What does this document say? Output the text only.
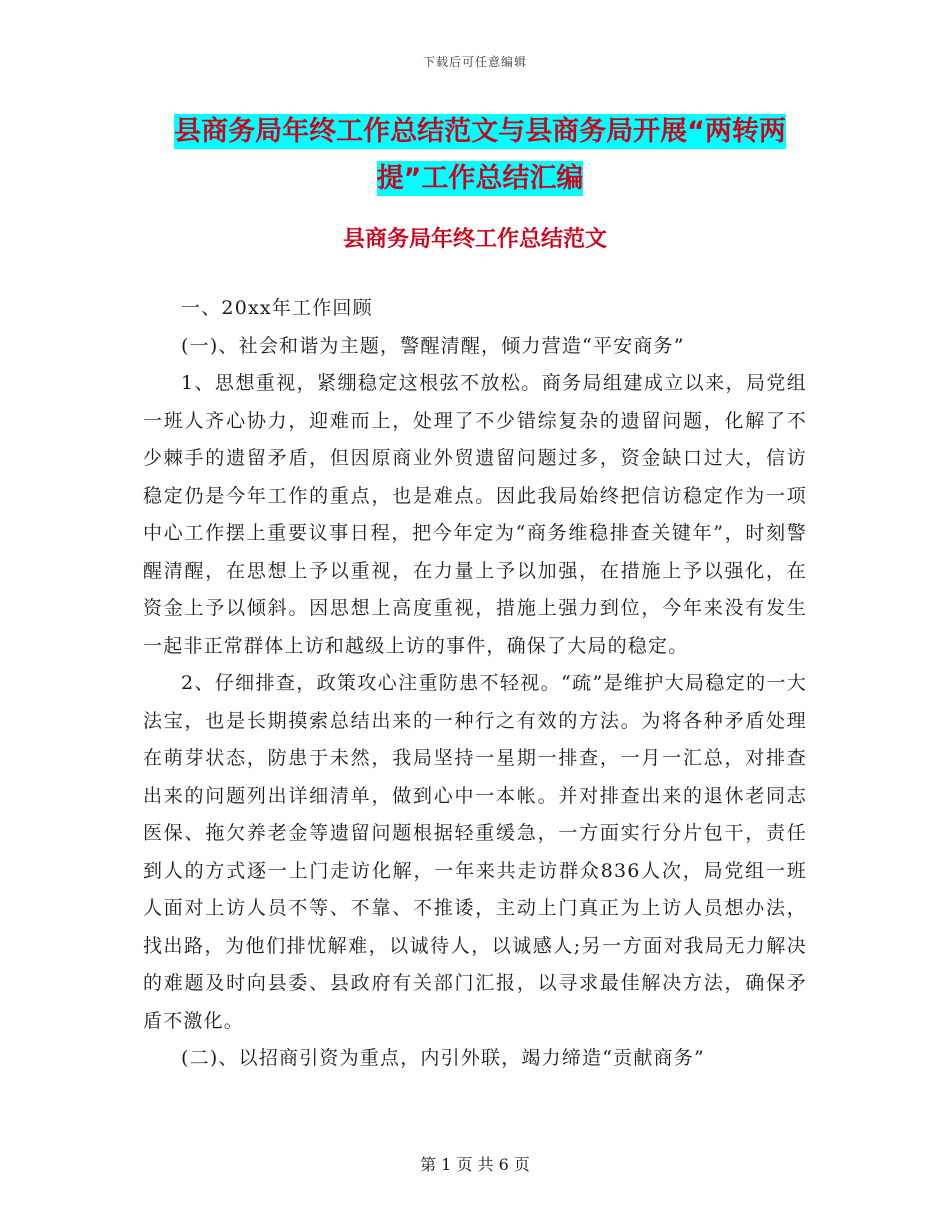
下载后可任意编辑
县商务局年终工作总结范文与县商务局开展“两转两
提”工作总结汇编
县商务局年终工作总结范文

一、20xx年工作回顾

(一)、社会和谐为主题，警醒清醒，倾力营造“平安商务”

1、思想重视，紧绷稳定这根弦不放松。商务局组建成立以来，局党组一班人齐心协力，迎难而上，处理了不少错综复杂的遗留问题，化解了不少棘手的遗留矛盾，但因原商业外贸遗留问题过多，资金缺口过大，信访稳定仍是今年工作的重点，也是难点。因此我局始终把信访稳定作为一项中心工作摆上重要议事日程，把今年定为“商务维稳排查关键年”，时刻警醒清醒，在思想上予以重视，在力量上予以加强，在措施上予以强化，在资金上予以倾斜。因思想上高度重视，措施上强力到位，今年来没有发生一起非正常群体上访和越级上访的事件，确保了大局的稳定。

2、仔细排查，政策攻心注重防患不轻视。“疏”是维护大局稳定的一大法宝，也是长期摸索总结出来的一种行之有效的方法。为将各种矛盾处理在萌芽状态，防患于未然，我局坚持一星期一排查，一月一汇总，对排查出来的问题列出详细清单，做到心中一本帐。并对排查出来的退休老同志医保、拖欠养老金等遗留问题根据轻重缓急，一方面实行分片包干，责任到人的方式逐一上门走访化解，一年来共走访群众836人次，局党组一班人面对上访人员不等、不靠、不推诿，主动上门真正为上访人员想办法，找出路，为他们排忧解难，以诚待人，以诚感人;另一方面对我局无力解决的难题及时向县委、县政府有关部门汇报，以寻求最佳解决方法，确保矛盾不激化。

(二)、以招商引资为重点，内引外联，竭力缔造“贡献商务”

第 1 页 共 6 页
